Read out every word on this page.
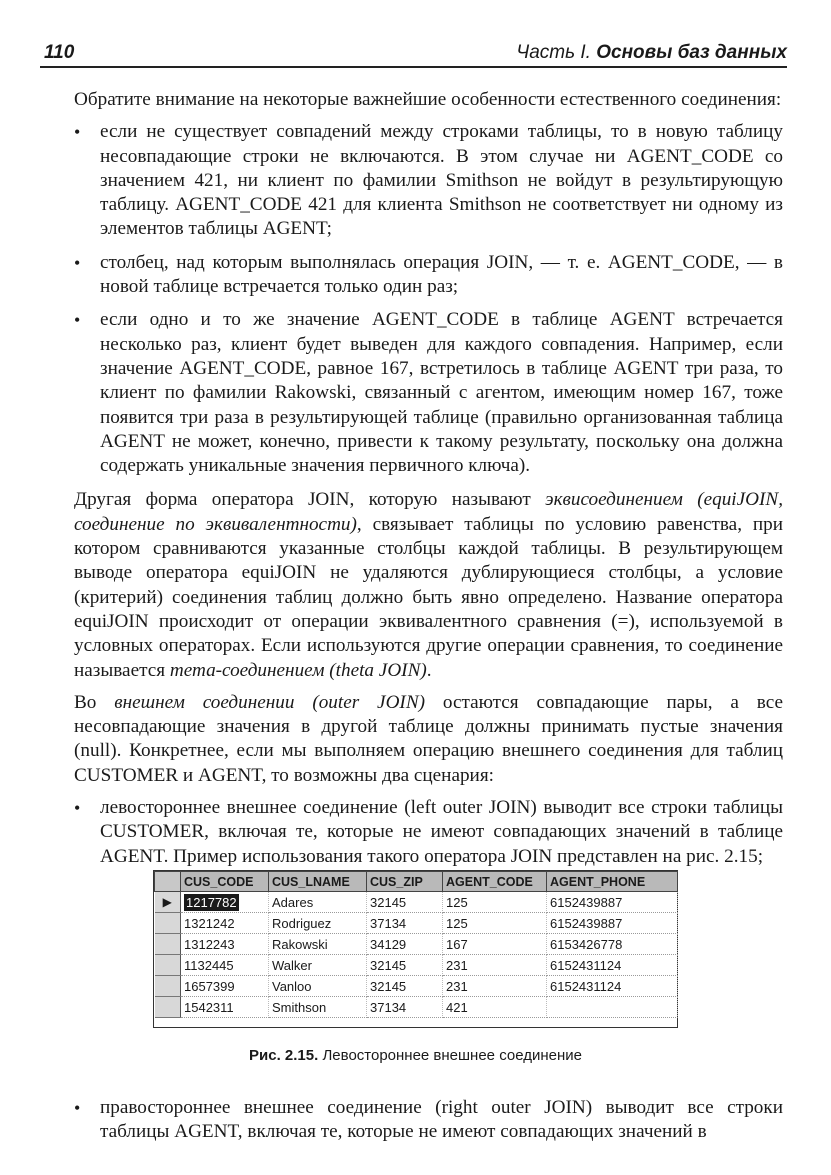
110	Часть I. Основы баз данных

Обратите внимание на некоторые важнейшие особенности естественного соединения:

• если не существует совпадений между строками таблицы, то в новую таблицу несовпадающие строки не включаются. В этом случае ни AGENT_CODE со значением 421, ни клиент по фамилии Smithson не войдут в результирующую таблицу. AGENT_CODE 421 для клиента Smithson не соответствует ни одному из элементов таблицы AGENT;
• столбец, над которым выполнялась операция JOIN, — т. е. AGENT_CODE, — в новой таблице встречается только один раз;
• если одно и то же значение AGENT_CODE в таблице AGENT встречается несколько раз, клиент будет выведен для каждого совпадения. Например, если значение AGENT_CODE, равное 167, встретилось в таблице AGENT три раза, то клиент по фамилии Rakowski, связанный с агентом, имеющим номер 167, тоже появится три раза в результирующей таблице (правильно организованная таблица AGENT не может, конечно, привести к такому результату, поскольку она должна содержать уникальные значения первичного ключа).

Другая форма оператора JOIN, которую называют эквисоединением (equiJOIN, соединение по эквивалентности), связывает таблицы по условию равенства, при котором сравниваются указанные столбцы каждой таблицы. В результирующем выводе оператора equiJOIN не удаляются дублирующиеся столбцы, а условие (критерий) соединения таблиц должно быть явно определено. Название оператора equiJOIN происходит от операции эквивалентного сравнения (=), используемой в условных операторах. Если используются другие операции сравнения, то соединение называется тета-соединением (theta JOIN).

Во внешнем соединении (outer JOIN) остаются совпадающие пары, а все несовпадающие значения в другой таблице должны принимать пустые значения (null). Конкретнее, если мы выполняем операцию внешнего соединения для таблиц CUSTOMER и AGENT, то возможны два сценария:

• левостороннее внешнее соединение (left outer JOIN) выводит все строки таблицы CUSTOMER, включая те, которые не имеют совпадающих значений в таблице AGENT. Пример использования такого оператора JOIN представлен на рис. 2.15;
	CUS_CODE	CUS_LNAME	CUS_ZIP	AGENT_CODE	AGENT_PHONE
▶	1217782	Adares	32145	125	6152439887
	1321242	Rodriguez	37134	125	6152439887
	1312243	Rakowski	34129	167	6153426778
	1132445	Walker	32145	231	6152431124
	1657399	Vanloo	32145	231	6152431124
	1542311	Smithson	37134	421	
Рис. 2.15. Левостороннее внешнее соединение
• правостороннее внешнее соединение (right outer JOIN) выводит все строки таблицы AGENT, включая те, которые не имеют совпадающих значений в
